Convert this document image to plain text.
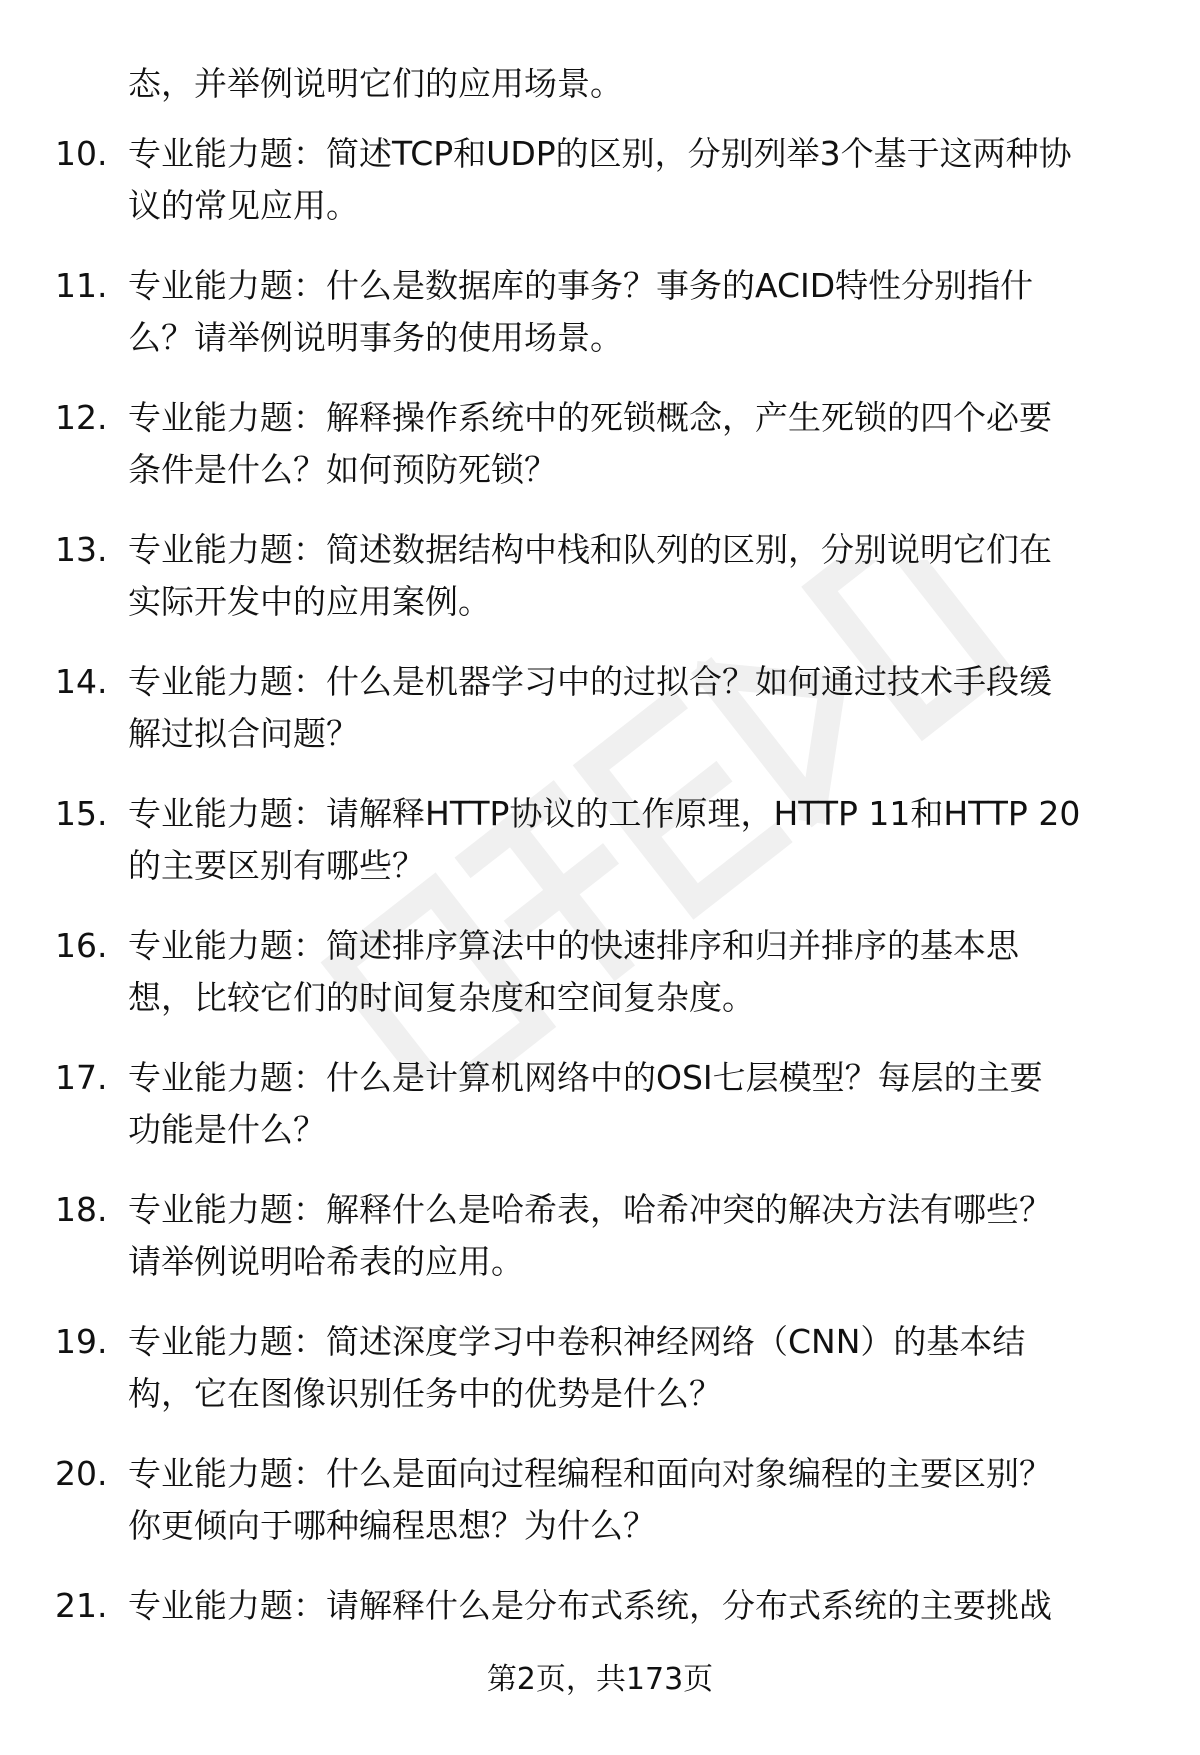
态，并举例说明它们的应用场景。
10. 专业能力题：简述TCP和UDP的区别，分别列举3个基于这两种协
议的常见应用。
11. 专业能力题：什么是数据库的事务？事务的ACID特性分别指什
么？请举例说明事务的使用场景。
12. 专业能力题：解释操作系统中的死锁概念，产生死锁的四个必要
条件是什么？如何预防死锁？
13. 专业能力题：简述数据结构中栈和队列的区别，分别说明它们在
实际开发中的应用案例。
14. 专业能力题：什么是机器学习中的过拟合？如何通过技术手段缓
解过拟合问题？
15. 专业能力题：请解释HTTP协议的工作原理，HTTP 11和HTTP 20
的主要区别有哪些？
16. 专业能力题：简述排序算法中的快速排序和归并排序的基本思
想，比较它们的时间复杂度和空间复杂度。
17. 专业能力题：什么是计算机网络中的OSI七层模型？每层的主要
功能是什么？
18. 专业能力题：解释什么是哈希表，哈希冲突的解决方法有哪些？
请举例说明哈希表的应用。
19. 专业能力题：简述深度学习中卷积神经网络（CNN）的基本结
构，它在图像识别任务中的优势是什么？
20. 专业能力题：什么是面向过程编程和面向对象编程的主要区别？
你更倾向于哪种编程思想？为什么？
21. 专业能力题：请解释什么是分布式系统，分布式系统的主要挑战
第2页，共173页
